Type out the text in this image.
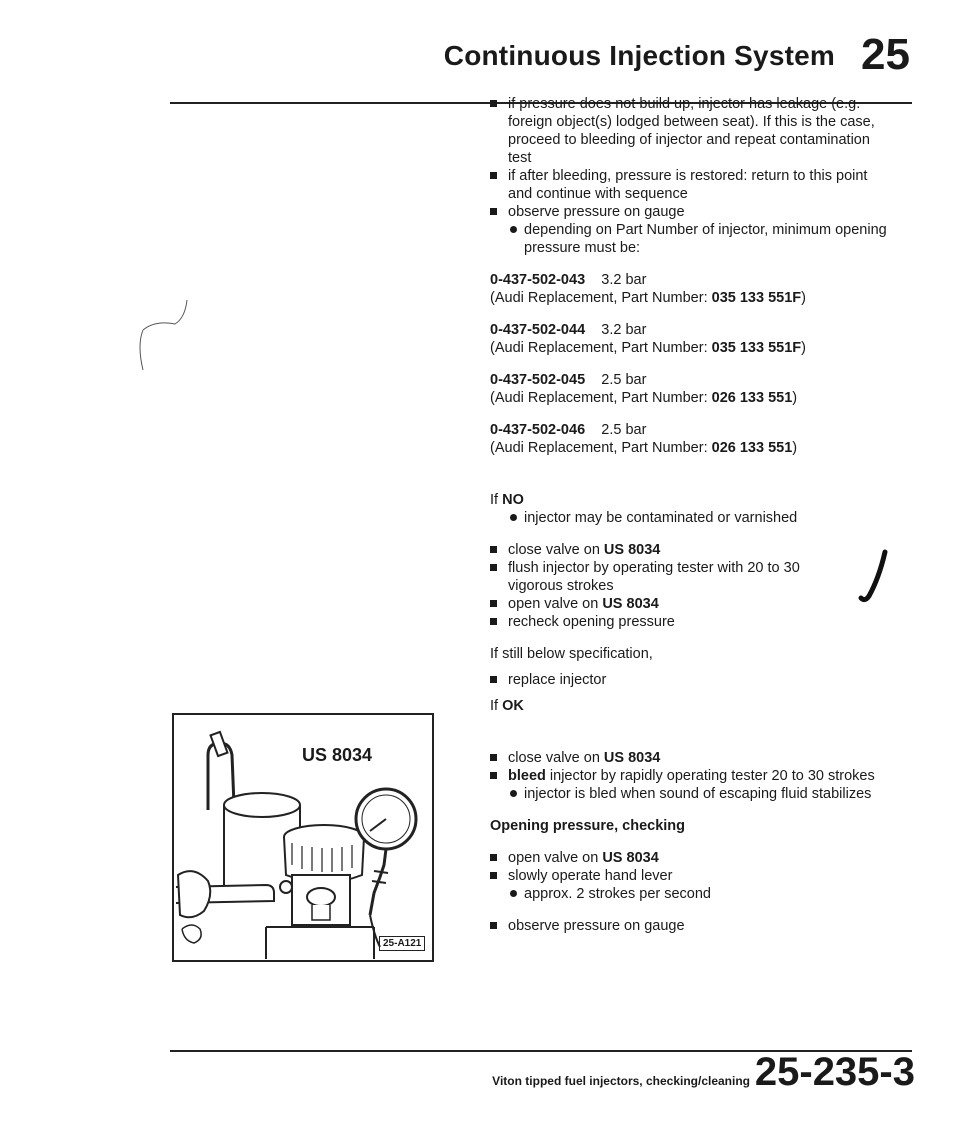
Continuous Injection System 25

if pressure does not build up, injector has leakage (e.g. foreign object(s) lodged between seat). If this is the case, proceed to bleeding of injector and repeat contamination test

if after bleeding, pressure is restored: return to this point and continue with sequence

observe pressure on gauge

depending on Part Number of injector, minimum opening pressure must be:

0-437-502-043 3.2 bar

(Audi Replacement, Part Number: 035 133 551F)

0-437-502-044 3.2 bar

(Audi Replacement, Part Number: 035 133 551F)

0-437-502-045 2.5 bar

(Audi Replacement, Part Number: 026 133 551)

0-437-502-046 2.5 bar

(Audi Replacement, Part Number: 026 133 551)

If NO

injector may be contaminated or varnished

close valve on US 8034

flush injector by operating tester with 20 to 30 vigorous strokes

open valve on US 8034

recheck opening pressure

If still below specification,

replace injector

If OK

close valve on US 8034

bleed injector by rapidly operating tester 20 to 30 strokes

injector is bled when sound of escaping fluid stabilizes

Opening pressure, checking

open valve on US 8034

slowly operate hand lever

approx. 2 strokes per second

observe pressure on gauge

US 8034
25-A121
Viton tipped fuel injectors, checking/cleaning 25-235-3
